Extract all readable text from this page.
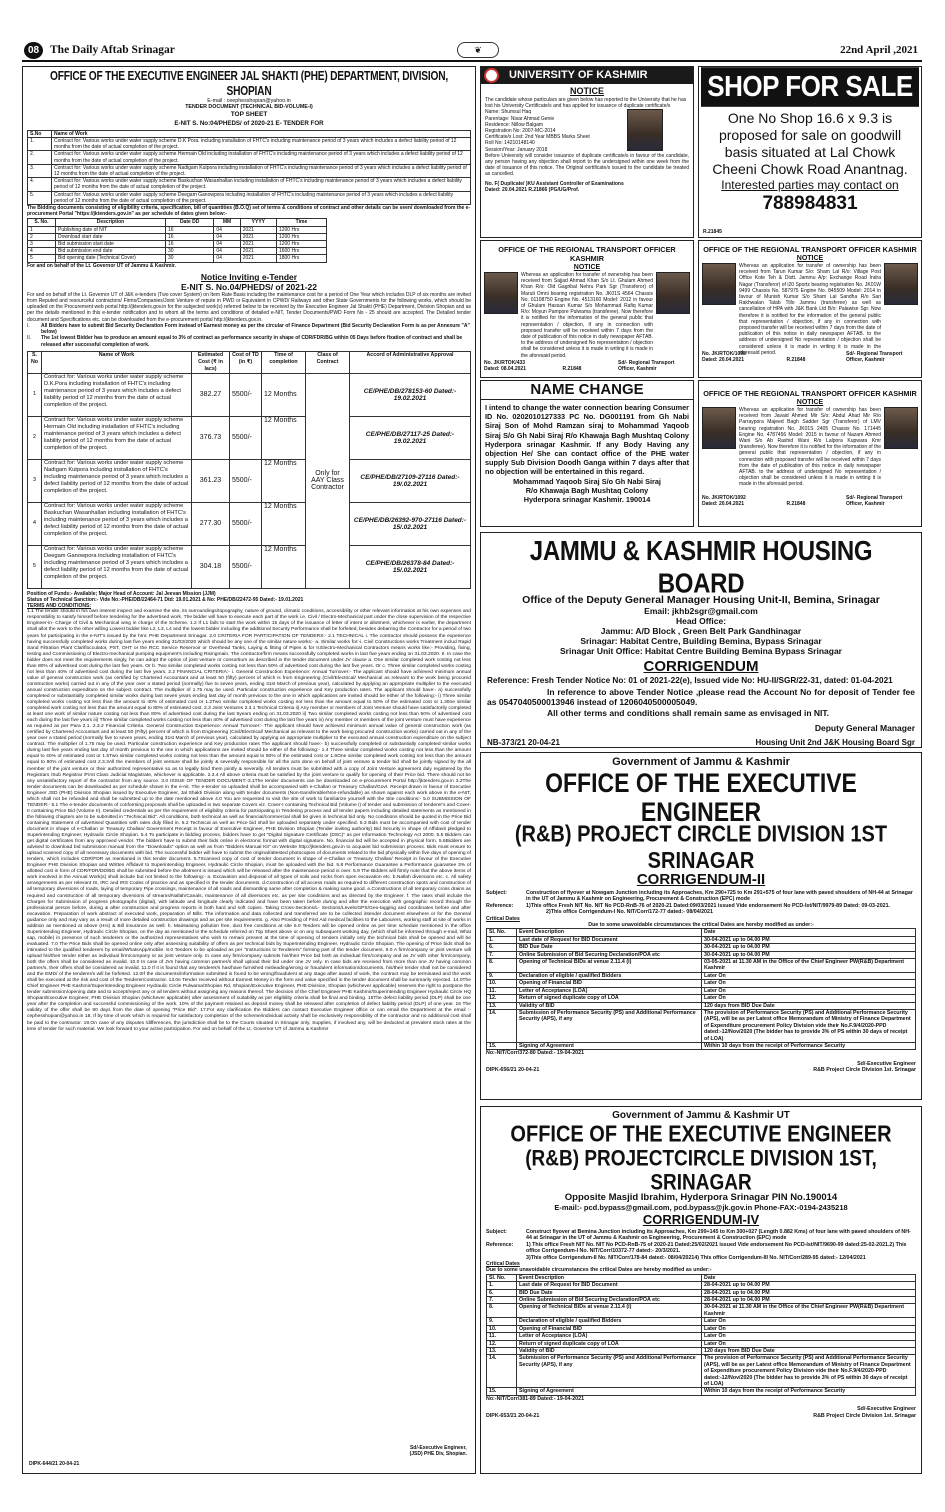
08 The Daily Aftab Srinagar	❦	22nd April ,2021
OFFICE OF THE EXECUTIVE ENGINEER JAL SHAKTI (PHE) DEPARTMENT, DIVISION, SHOPIAN
E-mail : ceephesshopian@yahoo.in
TENDER DOCUMENT (TECHNICAL BID-VOLUME-I)
TOP SHEET
E-NIT S. No:04/PHEDS/ of 2020-21 E- TENDER FOR
S.No	Name of Work
1.	Contract for: Various works under water supply scheme D.K Pora. including installation of FHTC's including maintenance period of 3 years which includes a defect liability period of 12 months from the date of actual completion of the project.
2.	Contract for: Various works under water supply scheme Hermain Old including installation of FHTC's including maintenance period of 3 years which includes a defect liability period of 12 months from the date of actual completion of the project.
3.	Contract for: Various works under water supply scheme Nadigam Kutpora including installation of FHTC's including maintenance period of 3 years which includes a defect liability period of 12 months from the date of actual completion of the project.
4.	Contract for: Various works under water supply scheme Baskuchan Wasanhallan including installation of FHTC's including maintenance period of 3 years which includes a defect liability period of 12 months from the date of actual completion of the project.
5.	Contract for: Various works under water supply scheme Deegam Ganowpora including installation of FHTC's including maintenance period of 3 years which includes a defect liability period of 12 months from the date of actual completion of the project.
The Bidding documents consisting of eligibility criteria, specification, bill of quantities (B.O.Q) set of terms & conditions of contract and other details can be seen/ downloaded from the e-procurement Portal "https://jktenders.gov.in" as per schedule of dates given below:-
S. No.	Description	Date DD	MM	YYYY	Time
1	Publishing date of NIT	16	04	2021	1200 Hrs
2	Download start date	16	04	2021	1200 Hrs
3	Bid submission start date	16	04	2021	1200 Hrs
4	Bid submission end date	30	04	2021	1600 Hrs
5	Bid opening date (Technical Cover)	30	04	2021	1800 Hrs
For and on behalf of the Lt. Governor UT of Jammu & Kashmir.
Notice Inviting e-Tender
E-NIT S. No.04/PHEDS/ of 2021-22
For and on behalf of the Lt. Governor UT of J&K e-tenders (Two cover System) on Item Rate Basis including the maintenance cost for a period of One Year which includes DLP of six months are invited from Reputed and resourceful contractors/ Firms/Companies/Joint Venture of repute in PWD or Equivalent in CPWD/ Railways and other State Governments for the following works, which should be uploaded on the Procurement web portal http://jktenders.gov.in for the subjected work(s) referred below to be received by the Executive Engineer Jal Shakti (PHE) Department, Division Shopian and as per the details mentioned in this e-tender notification and to whom all the terms and conditions of detailed e-NIT, Tender Documents/PWD Form No - 25 should are accepted. The Detailed tender document and Specifications etc. can be downloaded from the e-procurement portal http://jktenders.gov.in.
I.	All Bidders have to submit Bid Security Declaration Form instead of Earnest money as per the circular of Finance Department (Bid Security Declaration Form is as per Annexure "A" below)
II.	The 1st lowest Bidder has to produce an amount equal to 3% of contract as performance security in shape of CDR/FDR/BG within 05 Days before fixation of contract and shall be released after successful completion of work.
S. No	Name of Work	Estimated Cost (₹ in lacs)	Cost of TD (in ₹)	Time of completion	Class of Contract	Accord of Administrative Approval
1	Contract for: Various works under water supply scheme D.K.Pora including installation of FHTC's including maintenance period of 3 years which includes a defect liability period of 12 months from the date of actual completion of the project.	382.27	5500/-	12 Months	Only for AAY Class Contractor	CE/PHE/DB/278153-60 Dated:- 19.02.2021
2	Contract for: Various works under water supply scheme Hermain Old including installation of FHTC's including maintenance period of 3 years which includes a defect liability period of 12 months from the date of actual completion of the project.	376.73	5500/-	12 Months		CE/PHE/DB/27117-25 Dated:- 19.02.2021
3	Contract for: Various works under water supply scheme Nadigam Kutpora including installation of FHTC's including maintenance period of 3 years which includes a defect liability period of 12 months from the date of actual completion of the project.	361.23	5500/-	12 Months		CE/PHE/DB/27109-27116 Dated:- 19/.02.2021
4	Contract for: Various works under water supply scheme Baskuchan Wasanhallan including installation of FHTC's including maintenance period of 3 years which includes a defect liability period of 12 months from the date of actual completion of the project.	277.30	5500/-	12 Months		CE/PHE/DB/26392-970-27116 Dated:- 15/.02.2021
5	Contract for: Various works under water supply scheme Deegam Ganowpora including installation of FHTC's including maintenance period of 3 years which includes a defect liability period of 12 months from the date of actual completion of the project.	304.18	5500/-	12 Months		CE/PHE/DB/26378-84 Dated:- 15/.02.2021
Position of Funds:- Available; Major Head of Account: Jal Jeevan Mission (JJM)
Status of Technical Sanction:- Vide No:-PHE/DB/22464-71 Dtd: 19.01.2021 & No: PHE/DB/22472-95 Dated:- 19.01.2021
TERMS AND CONDITIONS:
1.1 The tender should in his own interest inspect and examine the site, its surroundings/topography, nature of ground, climatic conditions, accessibility or other relevant information at his own expenses and responsibility to satisfy himself before tendering for the advertised work. The bidder will have to execute each part of the work i.e. Civil / Electro-Mechanical part under the close supervision of the respective Engineer-in- Charge of Civil & Mechanical wing in charge of the Scheme. 1.2 If L1 fails to start the work within 15 days of the issuance of letter of intent or allotment, whichever is earlier, the department shall allot the work to the other willing Lowest bidder like L2, L3, L4 and the lowest bidder including the additional Security Performance shall be forfeited, besides debarring the Contractor for a period of two years for participating in the e-NIT's issued by the hmr. PHE Department Srinagar. 2.0 CRITERIA FOR PARTICIPATION OF TENDERS:- 2.1 TECHNICAL i. The contractor should possess the experience having successfully completed works during last five years ending 31/03/2020 which should be any one of the similar nature works:- a. Similar works for:-i. Civil Constructions works Treatment includ Rapid Sand Filtration Plant Clariflocculator, PST, OHT or the RCC Service Reservoir or Overhead Tanks, Laying & fitting of Pipes & for II.Electro-Mechanical Contractors means works like:- Providing, fixing, testing and Commissioning of Electro-mechanical pumping equipment's including Risingmain. The contractor/firm means successfully completed works in last five years ending on 31.03.2020. II. In case the bidder does not meet the requirements singly, he can adopt the option of joint venture or consortium as described in the tender document under JV clause a. One similar completed work costing not less than 80% of advertised cost during the last five years. Or b. Two similar completed works costing not less than 50% of advertised cost during the last five years. Or c. Three similar completed works costing not less than 40% of advertised cost during the last five years. 2.2 FINANCIAL CRITERIA:- i. General Construction Experience: Annual Turnover:- The applicant should have achieved minimum annual value of general construction work (as certified by Chartered Accountant and at least 50 (fifty) percent of which is from Engineering (Civil/Electrical/ Mechanical as relevant to the work being procured construction works) carried out in any of the year over a stated period (normally) five to seven years, ending 31st March of previous year), calculated by applying an appropriate multiplier to the executed annual construction expenditure on the subject contract. The multiplier of 1.75 may be used. Particular construction experience and Key production rates. The applicant should have:- a) successfully completed or substantially completed similar works during last seven years ending last day of month previous to the one in which applications are invited should be either of the following:- i) Three similar completed works costing not less than the amount to 40% of estimated cost or 1.2Two similar completed works costing not less than the amount equal to 50% of the estimated cost or 1.30ne similar completed work costing not less than the amount equal to 80% of estimated cost. 2.3 Joint Ventures 2.3.1 Technical Criteria ii) Any member or members of Joint Venture should have satisfactorily completed at least one work of similar nature costing not less than 80% of advertised cost during the last 5years ending on 31.03.2020 ii) Two similar completed works costing not less than 50% of advertised cost each during the last five years iii) Three similar completed works costing not less than 40% of advertised cost during the last five years iv) Any member or members of the joint venture must have experience as required as per Para 2.1. 2.3.2 Financial Criteria. General Construction Experience: Annual Turnover:- The applicant should have achieved minimum annual value of general construction work (as certified by Chartered Accountant and at least 50 (Fifty) percent of which is from Engineering (Civil/Electrical/ Mechanical as relevant to the work being procured construction works) carried out in any of the year over a stated period (normally five to seven years, ending 31st March of previous year), calculated by applying an appropriate multiplier to the executed annual construction expenditure on the subject contract. The multiplier of 1.75 may be used. Particular construction experience and Key production rates The applicant should have:- b) successfully completed or substantially completed similar works during last five years ending last day of month previous to the one in which applications are invited should be either of the following:- 1.4 Three similar completed works costing not less than the amount equal to 40% of estimated cost or 1.5Two similar completed works costing not less than the amount equal to 50% of the estimated cost or 1.6One similar completed work costing not less than the amount equal to 80% of estimated cost 2.3.3All the members of joint venture shall be jointly & severally responsible for all the acts done on behalf of joint venture & tender bid shall be jointly signed by the all member of the joint venture or their authorized representative so as to legally bind them jointly & severally. All tenders must be submitted with a copy of Joint Venture agreement duly registered by the Registrars /Sub Registrar /First Class Judicial Magistrate, whichever is applicable. 2.3.4 All above criteria must be satisfied by the joint venture to qualify for opening of their Price bid. There should not be any unsatisfactory report of the contractor from any source. 3.0 ISSUE OF TENDER DOCUMENT:-3.1The tender documents can be downloaded on e-procurement Portal http://jktenders.gov.in 3.2The tender documents can be downloaded as per schedule shown in the e-nit. The e-tender so uploaded shall be accompanied with e-Challan or Treasury Challan/Govt. Receipt drawn in favour of Executive Engineer JSD (PHE) Division Shopian issued by Executive Engineer, Jal Shakti Division along with tender documents (Non-transferable/Non-refundable) as shown against each work above in the e-NIT, which shall not be refunded and shall be submitted up to the date mentioned above 4.0 You are requested to visit the site of work to familiarize yourself with the Site conditions:- 5.0 SUBMISSION OF TENDER:- 5.1 The e-tender documents of conforming proposals shall be uploaded in two separate Covers viz. Cover-I containing Technical Bid (Volume I) of tender and submission of tenderer's and Cover-II containing Price Bid (Volume II). Detailed credentials as per the requirement of eligibility criteria for participating in Tendering process and all tender papers including detailed statements as mentioned in the following chapters are to be submitted in "Technical Bid". All conditions, both technical as well as financial/commercial shall be given in technical bid only. No conditions should be quoted in the Price Bid containing Statement of advertised Quantities with rates duly filled in. 5.2 Technical as well as Price bid shall be uploaded separately under specified. 5.3 Bids must be accompanied with cost of tender document in shape of e-Challan or Treasury Challan/ Government Receipt in favour of Executive Engineer, PHE Division Shopian (Tender inviting authority) Bid Security in shape of Affidavit pledged to Superintending Engineer, Hydraulic Circle Shopian. 5.4 To participate in bidding process, bidders have to get "Digital Signature Certificate (DSC)" as per Information Technology Act 2000. 5.5 Bidders can get digital certificates from any approved vendor. The bidders have to submit their bids online in electronic format with digital signature. No. financial bid will be accepted in physical form. 5.6Bidders are advised to download bid submission manual from the "Downloads" option as well as from "Bidders Manual Kit" on Website http://jktenders.gov.in to acquaint bid submission process. Bids must ensure to upload scanned copy of all necessary documents with bid. The successful bidder will have to submit the original/attested photocopies of documents related to the bid physically within five days of opening of tenders, which includes CDR/FDR as mentioned in this tender document. 5.7Scanned copy of cost of tender document in shape of e-Challan or Treasury Challan/ Receipt in favour of the Executive Engineer PHE Division Shopian and Written Affidavit to Superintending Engineer, Hydraulic Circle Shopian, must be uploaded with the bid. 5.8 Performance Guarantee a Performance guarantee 3% of allotted cost in form of CDR/FDR/DD/BG shall be submitted before the allotment is issued which will be released after the maintenance period is over. 5.9 The Bidders will firmly note that the above items of work involved in the Annual Work(s) shall include but not limited to the following:- a. Excavation and disposal of all types of soils and rocks from open excavation etc. b.Nallah diversions etc. c. All safety arrangements as per relevant IS, IRC and IRS Codes of practice and as specified in the tender documents. d.Construction of all access roads as required to different construction spots and construction of all temporary diversions of roads, laying of temporary Pipe crossings, maintenance of all roads and dismantling same after completion & making same good. e.Constructions of all temporary cross drains as required and construction of all temporary diversions of streams/Nallah/Canals, maintenance of all diversions etc. as per site conditions and as directed by the Engineer. f. The rates shall include the Charges for Submission of progress photographs (digital), with latitude and longitude clearly indicated and have been taken before during and after the execution with geographic record through the professional person before, during & after construction and progress reports in both hard and soft copies. Taking Cross-Sections/L- Sections/Levels/GPS/Geo-tagging and coordinates before and after excavation. Preparation of work abstract of executed work, preparation of Bills. The information and data collected and transferred are to be collected intender document elsewhere or for the General guidance only and may vary as a result of more detailed construction drawings and as per site requirements. g. Also Providing of First Aid medical facilities to the Labourers, working staff at site of works in addition as mentioned at above (Hrs) & Bill insurance as well. h. Maintaining pollution free, dust free conditions at site 6.0 Tenders will be opened online as per time schedule mentioned in the office Superintending Engineer, Hydraulic Circle Shopian, on the day as mentioned in the schedule referred on Top Sheet above or on any subsequent working day. (which shall be informed through e-mail, What sap, mobile) in presence of such tenderers or the authorized representatives who wish to remain present at the time of opening of tenders initially only the technical bids shall be opened and will be evaluated. 7.0 The Price Bids shall be opened online only after assessing suitability of offers as per technical bids by Superintending Engineer, Hydraulic Circle Shopian. The opening of Price bids shall be intimated to the qualified tenderers by email/WhatsApp/mobile. 8.0 Tenders to be uploaded as per "Instructions to Tenderers" forming part of the tender document. 9.0 A firm/company or joint venture will upload his/their tender either as individual firm/company or as joint venture only. In case any firm/company submits his/their Price bid both as individual firm/company and as JV with other firm/company, both the offers shall be considered as invalid. 10.0 In case of JVs having common partner/s shall upload their bid under one JV only. In case bids are received from more than one JV having common partner/s, their offers shall be considered as invalid. 11.0 If it is found that any tenderer/s has/have furnished misleading/wrong or fraudulent information/documents, his/their tender shall not be considered and the EMD/ of the tenderer/s will be forfeited. 12.0If the documents/information submitted is found to be wrong/fraudulent at any stage after award of work, the contract may be terminated and the work shall be executed at the risk and cost of the Tenderer/contractor. 13.0e Tender received without Earnest Money in the form and value specified in the tender document shall be summarily rejected. 14.0The Chief Engineer PHE Kashmir/Superintending Engineer Hydraulic Circle Pulwama/Shopian Rd, Shopian/Executive Engineer, PHE Division, Shopian (whichever applicable) reserves the right to postpone the tender submission/opening date and to accept/reject any or all tenders without assigning any reasons thereof. The decision of the Chief Engineer PHE Kashmir/Superintending Engineer Hydraulic Circle HQ Shopian/Executive Engineer, PHE Division Shopian (whichever applicable) after assessment of suitability as per eligibility criteria shall be final and binding. 15The defect liability period (DLP) shall be one year after the completion and successful commissioning of the work. 10% of the payment retained as deposit money shall be released after completion of defect liability period (DLP) of one year. 16 The validity of the offer shall be 90 days from the date of opening "Price Bid". 17.For any clarification the Bidders can contact Executive Engineer office or can email the Department at the email :- cephesshopian@yahoo.in 18. If by time of work which is required for satisfactory completion of the scheme/individual activity shall be exclusively responsibility of the contractor and no additional cost shall be paid to the contractor. 19.On case of any disputes /differences, the jurisdiction shall be to the Courts situated in Srinagar only. Supplies, if involved any, will be deducted at prevalent stock rates at the time of tender for such material. We look forward to your active participation. For and on behalf of the Lt. Governor UT of Jammu & Kashmir
Sd/-Executive Engineer,
(JSD) PHE Div, Shopian.
DIPK-644/21 20-04-21
UNIVERSITY OF KASHMIR
NOTICE
The candidate whose particulars are given below has reported to the University that he has lost his University Certificate/s and has applied for issuance of duplicate certificate/s
Name: Shumsul Haq
Parentage: Nisar Ahmad Genie
Residence: Nillow Balgam
Registration No: 2007-MC-2014
Certificate/s Lost: 2nd Year MBBS Marks Sheet
Roll No: 14210148140
Session/Year: January 2018
Before University will consider issuance of duplicate certificate/s in favour of the candidate, any person having any objection shall report to the undersigned within one week from the date of issuance of this notice. The Original certificate/s issued to the candidate be treated as cancelled.
No. F( Duplicate/ )KU Assistant Controller of Examinations
Dated: 20.04.2021 R.21866 (PG/UG/Prof.
SHOP FOR SALE
One No Shop 16.6 x 9.3 is proposed for sale on goodwill basis situated at Lal Chowk Cheeni Chowk Road Anantnag.
Interested parties may contact on
788984831
R.21845
OFFICE OF THE REGIONAL TRANSPORT OFFICER KASHMIR
NOTICE
Whereas an application for transfer of ownership has been received from Sajjad Ahmad Khan S/o Lt. Ghulam Ahmed Khan R/o: Old Gagribal Nehru Park Sgr (Transferor) of Maruti Omni bearing registration No. JK01S 4564 Chassis No. 01108750 Engine No. 4513160 Model: 2012 in favour of Ghulam Hassan Kumar S/o Mohammad Rafiq Kumar R/o: Moyun Pampore Pulwama (transferee). Now therefore it is notified for the information of the general public that representation / objection, if any in connection with proposed transfer will be received within 7 days from the date of publication of this notice in daily newspaper AFTAB. to the address of undersigned No representation / objection shall be considered unless it is made in writing it is made in the aforesaid period.
No. JK/RTOK/433
Dated: 08.04.2021	R.21848
Sd/- Regional Transport Officer, Kashmir
OFFICE OF THE REGIONAL TRANSPORT OFFICER KASHMIR
NOTICE
Whereas an application for transfer of ownership has been received from Tarun Kumar S/o: Sham Lal R/o: Village Post Office Kote Teh & Distt. Jammu A/p: Exchange Road Indra Nagar (Transferor) of i20 Sportz bearing registration No. JK01W 9499 Chassis No. 587975 Engine No. 845509 Model: 2014 in favour of Munish Kumar S/o Sham Lal Sandha R/o Sari Rakhwalan Talab Tillo Jammu (transferee) as well as cancellation of HPA with J&K Bank Ltd B/o: Palawise Sgr. Now therefore it is notified for the information of the general public that representation / objection, if any in connection with proposed transfer will be received within 7 days from the date of publication of this notice in daily newspaper AFTAB. to the address of undersigned No representation / objection shall be considered unless it is made in writing it is made in the aforesaid period.
No. JK/RTOK/1098
Dated: 20.04.2021	R.21848
Sd/- Regional Transport Officer, Kashmir
NAME CHANGE
I intend to change the water connection bearing Consumer ID No. 0202010127333 PC No. DG001191 from Gh Nabi Siraj Son of Mohd Ramzan siraj to Mohammad Yaqoob Siraj S/o Gh Nabi Siraj R/o Khawaja Bagh Mushtaq Colony Hyderpora srinagar Kashmir. If any Body Having any objection He/ She can contact office of the PHE water supply Sub Division Doodh Ganga within 7 days after that no objection will be entertained in this regard.
Mohammad Yaqoob Siraj S/o Gh Nabi Siraj
R/o Khawaja Bagh Mushtaq Colony
Hyderpora srinagar Kashmir. 190014
OFFICE OF THE REGIONAL TRANSPORT OFFICER KASHMIR
NOTICE
Whereas an application for transfer of ownership has been received from Javaid Ahmed Mir S/o: Abdul Ahad Mir R/o Parraypora Majeed Bagh Sadder Sgr (Transferor) of LMV bearing registration No. JK01S 2405 Chassis No. 171445 Engine No. 4787456 Model: 2015 in favour of Nazam Ahmed Wani S/o Ab Rashid Wani R/o Lalpora Kupwara Kmr (transferee). Now therefore it is notified for the information of the general public that representation / objection, if any in connection with proposed transfer will be received within 7 days from the date of publication of this notice in daily newspaper AFTAB. to the address of undersigned No representation / objection shall be considered unless it is made in writing it is made in the aforesaid period.
No. JK/RTOK/1092
Dated: 20.04.2021	R.21848
Sd/- Regional Transport Officer, Kashmir
JAMMU & KASHMIR HOUSING BOARD
Office of the Deputy General Manager Housing Unit-II, Bemina, Srinagar
Email: jkhb2sgr@gmail.com
Head Office:
Jammu: A/D Block , Green Belt Park Gandhinagar
Srinagar: Habitat Centre, Building Bemina, Bypass Srinagar
Srinagar Unit Office: Habitat Centre Building Bemina Bypass Srinagar
CORRIGENDUM
Reference: Fresh Tender Notice No: 01 of 2021-22(e), Issued vide No: HU-II/SGR/22-31, dated: 01-04-2021
In reference to above Tender Notice ,please read the Account No for deposit of Tender fee as 0547040500013946 instead of 1206040500005049.
All other terms and conditions shall remain same as envisaged in NIT.
Deputy General Manager
NB-373/21 20-04-21	Housing Unit 2nd J&K Housing Board Sgr
Government of Jammu & Kashmir
OFFICE OF THE EXECUTIVE ENGINEER
(R&B) PROJECT CIRCLE DIVISION 1ST SRINAGAR
CORRIGENDUM-II
Subject:	Construction of flyover at Nowgam Junction including its Approaches, Km 290+725 to Km 291+575 of four lane with paved shoulders of NH-44 at Srinagar in the UT of Jammu & Kashmir on Engineering, Procurement & Construction (EPC) mode
Reference:	1)This office Fresh NIT No. NIT No PCD-RnB-76 of 2020-21 Dated:09/03/2021 issued Vide endorsement No PCD-Ist/NIT/9979-89 Dated: 09-03-2021.
2)This office Corrigendum-I No. NIT/Corr/172-77 dated:- 08/04/2021
Critical Dates
Due to some unavoidable circumstances the critical Dates are hereby modified as under:-
Sl. No.	Event Description	Date
1.	Last date of Request for BID Document	30-04-2021 up to 04.00 PM
6.	BID Due Date	30-04-2021 up to 04.00 PM
7.	Online Submission of Bid Securing Declaration/POA etc	30-04-2021 up to 04.00 PM
8.	Opening of Technical BIDs at venue 2.11.4 (i)	03-05-2021 at 11.30 AM in the Office of the Chief Engineer PW(R&B) Department Kashmir
9.	Declaration of eligible / qualified Bidders	Later On
10.	Opening of Financial BID	Later On
11.	Letter of Acceptance (LOA)	Later On
12.	Return of signed duplicate copy of LOA	Later On
13.	Validity of BID	120 days from BID Due Date
14.	Submission of Performance Security (PS) and Additional Performance Security (APS), if any	The provision of Performance Security (PS) and Additional Performance Security (APS), will be as per Latest office Memorandum of Ministry of Finance Department of Expenditure procurement Policy Division vide their No.F.9/4/2020-PPD dated:-12/Nov/2020 (The bidder has to provide 3% of PS within 30 days of receipt of LOA)
15.	Signing of Agreement	Within 10 days from the receipt of Performance Security
No:-NIT/Corr/372-80 Dated:- 19-04-2021
Sd/-Executive Engineer
DIPK-656/21 20-04-21	R&B Project Circle Division 1st. Srinagar
Government of Jammu & Kashmir UT
OFFICE OF THE EXECUTIVE ENGINEER
(R&B) PROJECTCIRCLE DIVISION 1ST, SRINAGAR
Opposite Masjid Ibrahim, Hyderpora Srinagar PIN No.190014
E-mail:- pcd.bypass@gmail.com, pcd.bypass@jk.gov.in Phone-FAX:-0194-2435218
CORRIGENDUM-IV
Subject:	Construct flyover at Bemina Junction including its Approaches, Km 299+145 to Km 300+027 (Length 0.882 Kms) of four lane with paved shoulders of NH-44 at Srinagar in the UT of Jammu & Kashmir on Engineering, Procurement & Construction (EPC) mode
Reference:	1) This office Fresh NIT No. NIT No PCD-RnB-75 of 2020-21 Dated:25/02/2021 issued Vide endorsement No PCD-Ist/NIT/9690-99 dated:25-02-2021.2) This office Corrigendum-I No. NIT/Corr/10372-77 dated:- 20/3/2021.
3)This office Corrigendum-II No. NIT/Corr/178-84 dated:- 08/04/20214) This office Corrigendum-III No. NIT/Corr/289-95 dated:- 12/04/2021
Critical Dates
Due to some unavoidable circumstances the critical Dates are hereby modified as under:-
Sl. No.	Event Description	Date
1.	Last date of Request for BID Document	28-04-2021 up to 04.00 PM
6.	BID Due Date	28-04-2021 up to 04.00 PM
7.	Online Submission of Bid Securing Declaration/POA etc	28-04-2021 up to 04.00 PM
8.	Opening of Technical BIDs at venue 2.11.4 (i)	30-04-2021 at 11.30 AM in the Office of the Chief Engineer PW(R&B) Department Kashmir
9.	Declaration of eligible / qualified Bidders	Later On
10.	Opening of Financial BID	Later On
11.	Letter of Acceptance (LOA)	Later On
12.	Return of signed duplicate copy of LOA	Later On
13.	Validity of BID	120 days from BID Due Date
14.	Submission of Performance Security (PS) and Additional Performance Security (APS), if any	The provision of Performance Security (PS) and Additional Performance Security (APS), will be as per Latest office Memorandum of Ministry of Finance Department of Expenditure procurement Policy Division vide their No.F.9/4/2020-PPD dated:-12/Nov/2020 (The bidder has to provide 3% of PS within 30 days of receipt of LOA)
15.	Signing of Agreement	Within 10 days from the receipt of Performance Security
No:-NIT/Corr/381-89 Dated:- 19-04-2021
Sd/-Executive Engineer
DIPK-653/21 20-04-21	R&B Project Circle Division 1st. Srinagar
